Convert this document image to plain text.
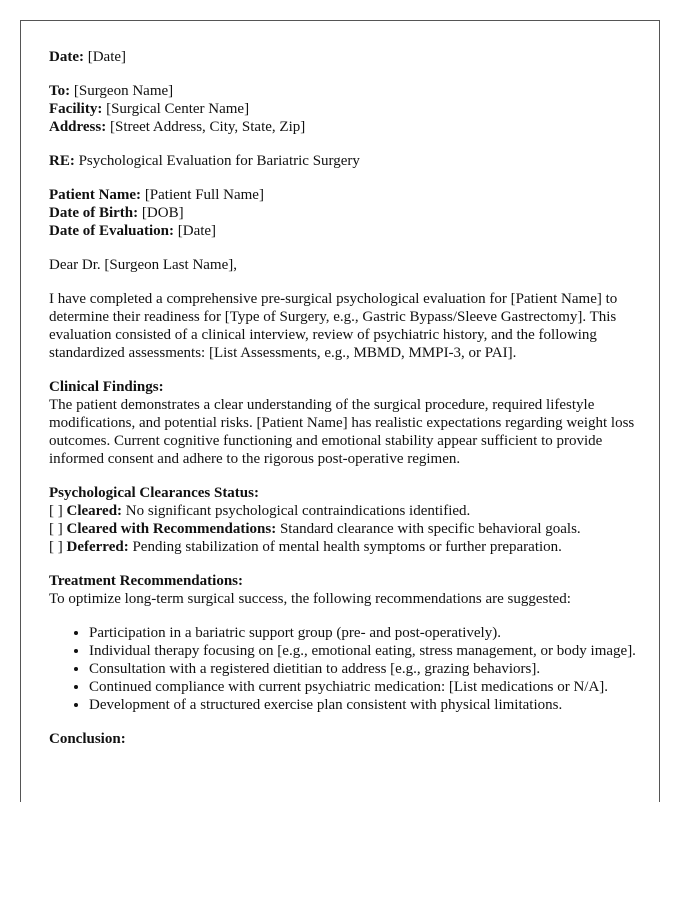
Date: [Date]

To: [Surgeon Name]
Facility: [Surgical Center Name]
Address: [Street Address, City, State, Zip]

RE: Psychological Evaluation for Bariatric Surgery

Patient Name: [Patient Full Name]
Date of Birth: [DOB]
Date of Evaluation: [Date]

Dear Dr. [Surgeon Last Name],

I have completed a comprehensive pre-surgical psychological evaluation for [Patient Name] to determine their readiness for [Type of Surgery, e.g., Gastric Bypass/Sleeve Gastrectomy]. This evaluation consisted of a clinical interview, review of psychiatric history, and the following standardized assessments: [List Assessments, e.g., MBMD, MMPI-3, or PAI].

Clinical Findings:
The patient demonstrates a clear understanding of the surgical procedure, required lifestyle modifications, and potential risks. [Patient Name] has realistic expectations regarding weight loss outcomes. Current cognitive functioning and emotional stability appear sufficient to provide informed consent and adhere to the rigorous post-operative regimen.

Psychological Clearances Status:
[ ] Cleared: No significant psychological contraindications identified.
[ ] Cleared with Recommendations: Standard clearance with specific behavioral goals.
[ ] Deferred: Pending stabilization of mental health symptoms or further preparation.

Treatment Recommendations:
To optimize long-term surgical success, the following recommendations are suggested:

• Participation in a bariatric support group (pre- and post-operatively).
• Individual therapy focusing on [e.g., emotional eating, stress management, or body image].
• Consultation with a registered dietitian to address [e.g., grazing behaviors].
• Continued compliance with current psychiatric medication: [List medications or N/A].
• Development of a structured exercise plan consistent with physical limitations.

Conclusion:
